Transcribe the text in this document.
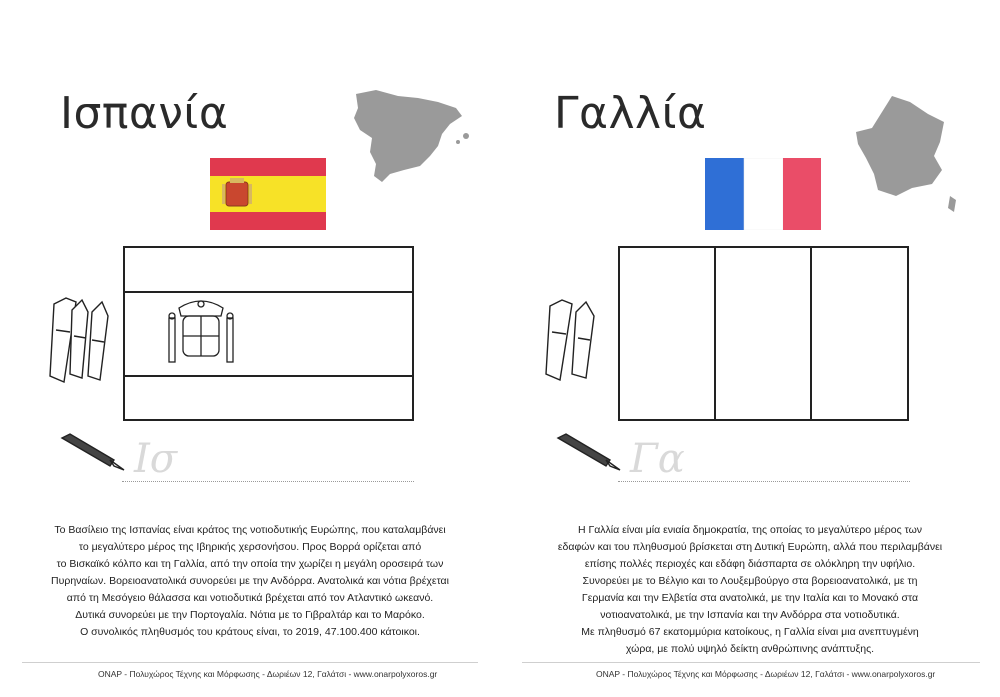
Ισπανία
Ισ
Το Βασίλειο της Ισπανίας είναι κράτος της νοτιοδυτικής Ευρώπης, που καταλαμβάνει
το μεγαλύτερο μέρος της Ιβηρικής χερσονήσου. Προς Βορρά ορίζεται από
το Βισκαϊκό κόλπο και τη Γαλλία, από την οποία την χωρίζει η μεγάλη οροσειρά των
Πυρηναίων. Βορειοανατολικά συνορεύει με την Ανδόρρα. Ανατολικά και νότια βρέχεται
από τη Μεσόγειο θάλασσα και νοτιοδυτικά βρέχεται από τον Ατλαντικό ωκεανό.
Δυτικά συνορεύει με την Πορτογαλία. Νότια με το Γιβραλτάρ και το Μαρόκο.
Ο συνολικός πληθυσμός του κράτους είναι, το 2019, 47.100.400 κάτοικοι.
ΟΝΑΡ - Πολυχώρος Τέχνης και Μόρφωσης - Δωριέων 12, Γαλάτσι - www.onarpolyxoros.gr
Γαλλία
Γα
Η Γαλλία είναι μία ενιαία δημοκρατία, της οποίας το μεγαλύτερο μέρος των
εδαφών και του πληθυσμού βρίσκεται στη Δυτική Ευρώπη, αλλά που περιλαμβάνει
επίσης πολλές περιοχές και εδάφη διάσπαρτα σε ολόκληρη την υφήλιο.
Συνορεύει με το Βέλγιο και το Λουξεμβούργο στα βορειοανατολικά, με τη
Γερμανία και την Ελβετία στα ανατολικά, με την Ιταλία και το Μονακό στα
νοτιοανατολικά, με την Ισπανία και την Ανδόρρα στα νοτιοδυτικά.
Με πληθυσμό 67 εκατομμύρια κατοίκους, η Γαλλία είναι μια ανεπτυγμένη
χώρα, με πολύ υψηλό δείκτη ανθρώπινης ανάπτυξης.
ΟΝΑΡ - Πολυχώρος Τέχνης και Μόρφωσης - Δωριέων 12, Γαλάτσι - www.onarpolyxoros.gr
